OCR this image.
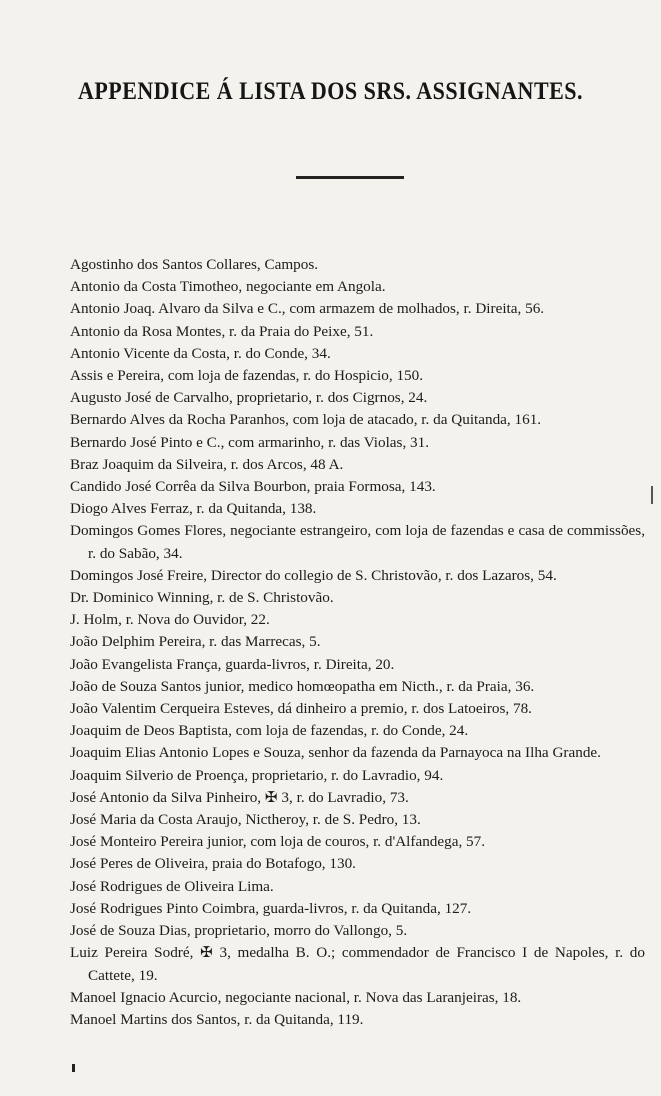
APPENDICE Á LISTA DOS SRS. ASSIGNANTES.
Agostinho dos Santos Collares, Campos.
Antonio da Costa Timotheo, negociante em Angola.
Antonio Joaq. Alvaro da Silva e C., com armazem de molhados, r. Direita, 56.
Antonio da Rosa Montes, r. da Praia do Peixe, 51.
Antonio Vicente da Costa, r. do Conde, 34.
Assis e Pereira, com loja de fazendas, r. do Hospicio, 150.
Augusto José de Carvalho, proprietario, r. dos Cigrnos, 24.
Bernardo Alves da Rocha Paranhos, com loja de atacado, r. da Quitanda, 161.
Bernardo José Pinto e C., com armarinho, r. das Violas, 31.
Braz Joaquim da Silveira, r. dos Arcos, 48 A.
Candido José Corrêa da Silva Bourbon, praia Formosa, 143.
Diogo Alves Ferraz, r. da Quitanda, 138.
Domingos Gomes Flores, negociante estrangeiro, com loja de fazendas e casa de commissões, r. do Sabão, 34.
Domingos José Freire, Director do collegio de S. Christovão, r. dos Lazaros, 54.
Dr. Dominico Winning, r. de S. Christovão.
J. Holm, r. Nova do Ouvidor, 22.
João Delphim Pereira, r. das Marrecas, 5.
João Evangelista França, guarda-livros, r. Direita, 20.
João de Souza Santos junior, medico homœopatha em Nicth., r. da Praia, 36.
João Valentim Cerqueira Esteves, dá dinheiro a premio, r. dos Latoeiros, 78.
Joaquim de Deos Baptista, com loja de fazendas, r. do Conde, 24.
Joaquim Elias Antonio Lopes e Souza, senhor da fazenda da Parnayoca na Ilha Grande.
Joaquim Silverio de Proença, proprietario, r. do Lavradio, 94.
José Antonio da Silva Pinheiro, ✠ 3, r. do Lavradio, 73.
José Maria da Costa Araujo, Nictheroy, r. de S. Pedro, 13.
José Monteiro Pereira junior, com loja de couros, r. d'Alfandega, 57.
José Peres de Oliveira, praia do Botafogo, 130.
José Rodrigues de Oliveira Lima.
José Rodrigues Pinto Coimbra, guarda-livros, r. da Quitanda, 127.
José de Souza Dias, proprietario, morro do Vallongo, 5.
Luiz Pereira Sodré, ✠ 3, medalha B. O.; commendador de Francisco I de Napoles, r. do Cattete, 19.
Manoel Ignacio Acurcio, negociante nacional, r. Nova das Laranjeiras, 18.
Manoel Martins dos Santos, r. da Quitanda, 119.
